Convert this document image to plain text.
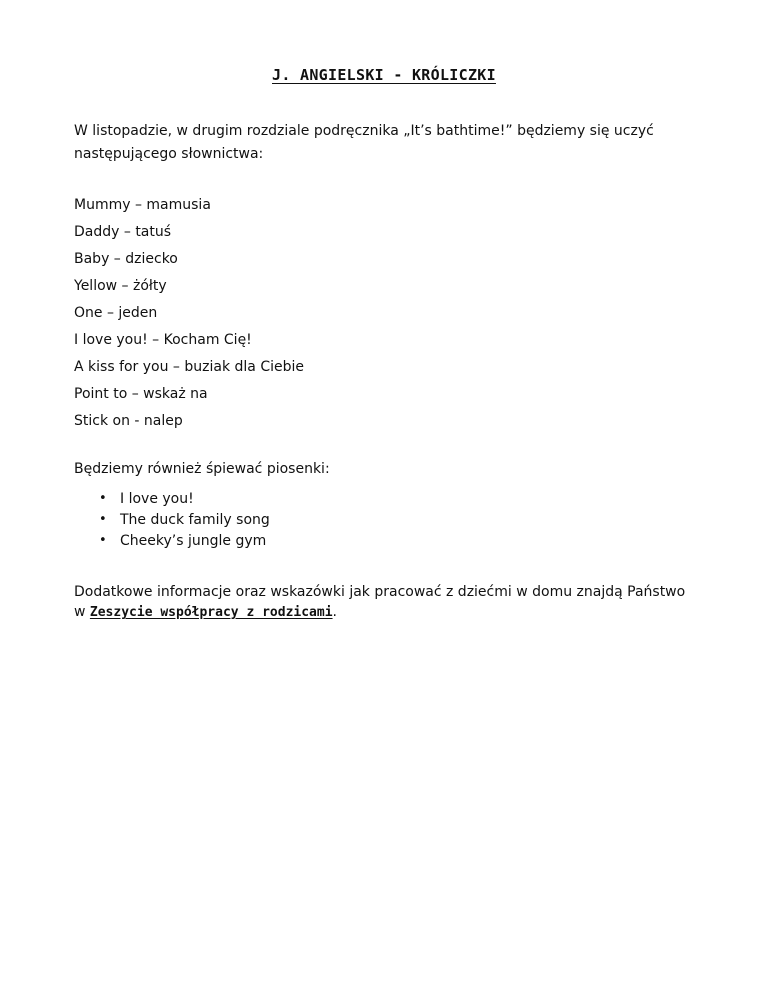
J. ANGIELSKI - KRÓLICZKI
W listopadzie, w drugim rozdziale podręcznika „It’s bathtime!” będziemy się uczyć
następującego słownictwa:
Mummy – mamusia
Daddy – tatuś
Baby – dziecko
Yellow – żółty
One – jeden
I love you! – Kocham Cię!
A kiss for you – buziak dla Ciebie
Point to – wskaż na
Stick on - nalep
Będziemy również śpiewać piosenki:
• I love you!
• The duck family song
• Cheeky’s jungle gym
Dodatkowe informacje oraz wskazówki jak pracować z dziećmi w domu znajdą Państwo
w Zeszycie współpracy z rodzicami.
